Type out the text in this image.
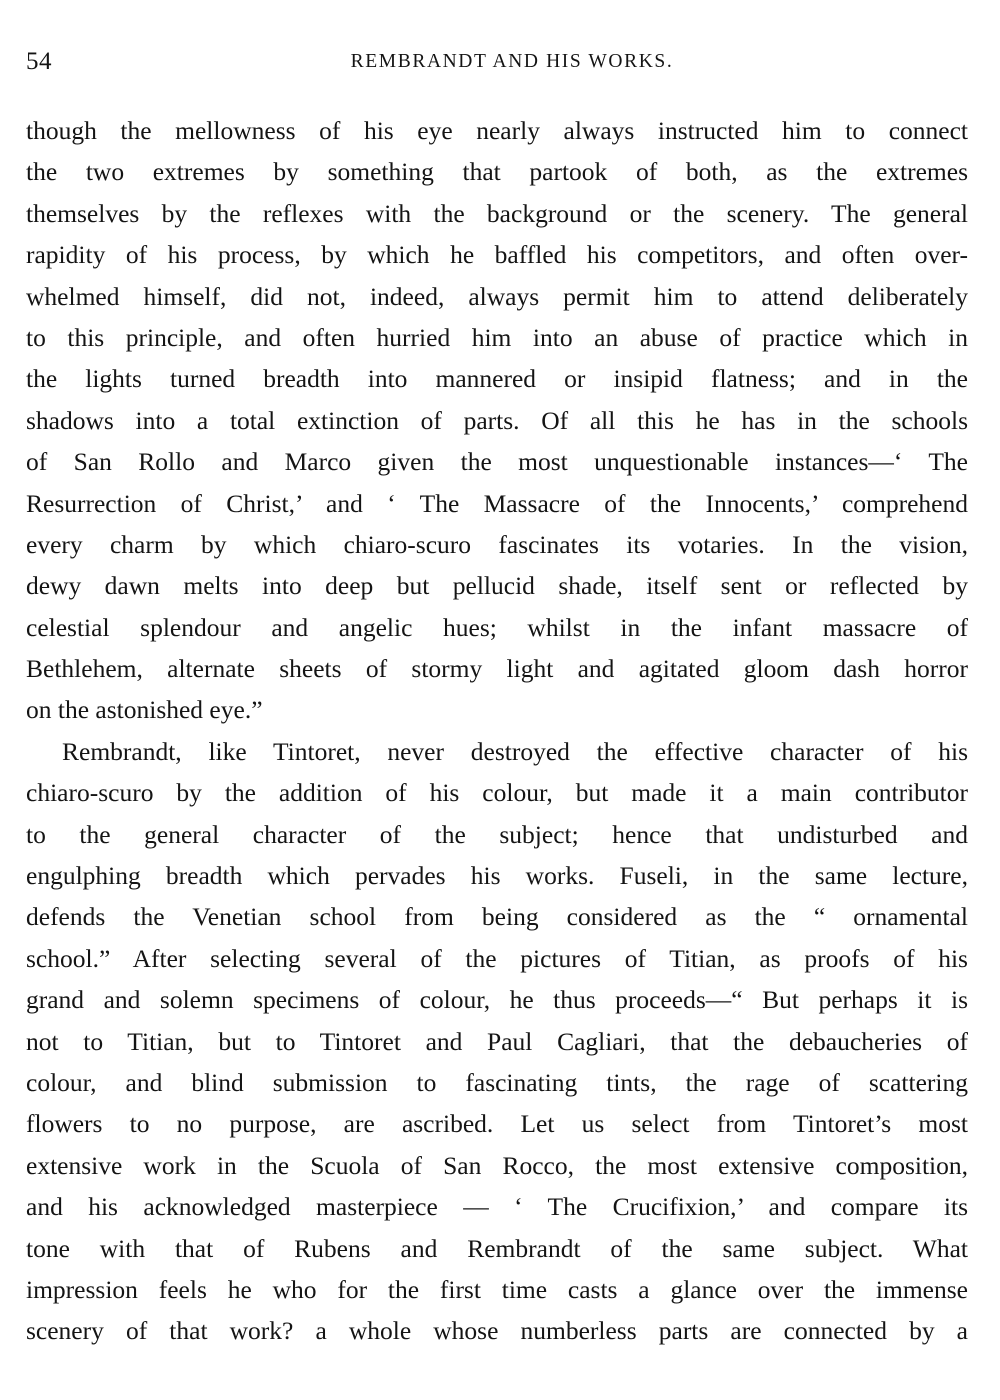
54	REMBRANDT AND HIS WORKS.
though the mellowness of his eye nearly always instructed him to connect
the two extremes by something that partook of both, as the extremes
themselves by the reflexes with the background or the scenery. The general
rapidity of his process, by which he baffled his competitors, and often over-
whelmed himself, did not, indeed, always permit him to attend deliberately
to this principle, and often hurried him into an abuse of practice which in
the lights turned breadth into mannered or insipid flatness; and in the
shadows into a total extinction of parts. Of all this he has in the schools
of San Rollo and Marco given the most unquestionable instances—‘ The
Resurrection of Christ,’ and ‘ The Massacre of the Innocents,’ comprehend
every charm by which chiaro-scuro fascinates its votaries. In the vision,
dewy dawn melts into deep but pellucid shade, itself sent or reflected by
celestial splendour and angelic hues; whilst in the infant massacre of
Bethlehem, alternate sheets of stormy light and agitated gloom dash horror
on the astonished eye.”
Rembrandt, like Tintoret, never destroyed the effective character of his
chiaro-scuro by the addition of his colour, but made it a main contributor
to the general character of the subject; hence that undisturbed and
engulphing breadth which pervades his works. Fuseli, in the same lecture,
defends the Venetian school from being considered as the “ ornamental
school.” After selecting several of the pictures of Titian, as proofs of his
grand and solemn specimens of colour, he thus proceeds—“ But perhaps it is
not to Titian, but to Tintoret and Paul Cagliari, that the debaucheries of
colour, and blind submission to fascinating tints, the rage of scattering
flowers to no purpose, are ascribed. Let us select from Tintoret’s most
extensive work in the Scuola of San Rocco, the most extensive composition,
and his acknowledged masterpiece — ‘ The Crucifixion,’ and compare its
tone with that of Rubens and Rembrandt of the same subject. What
impression feels he who for the first time casts a glance over the immense
scenery of that work? a whole whose numberless parts are connected by a
